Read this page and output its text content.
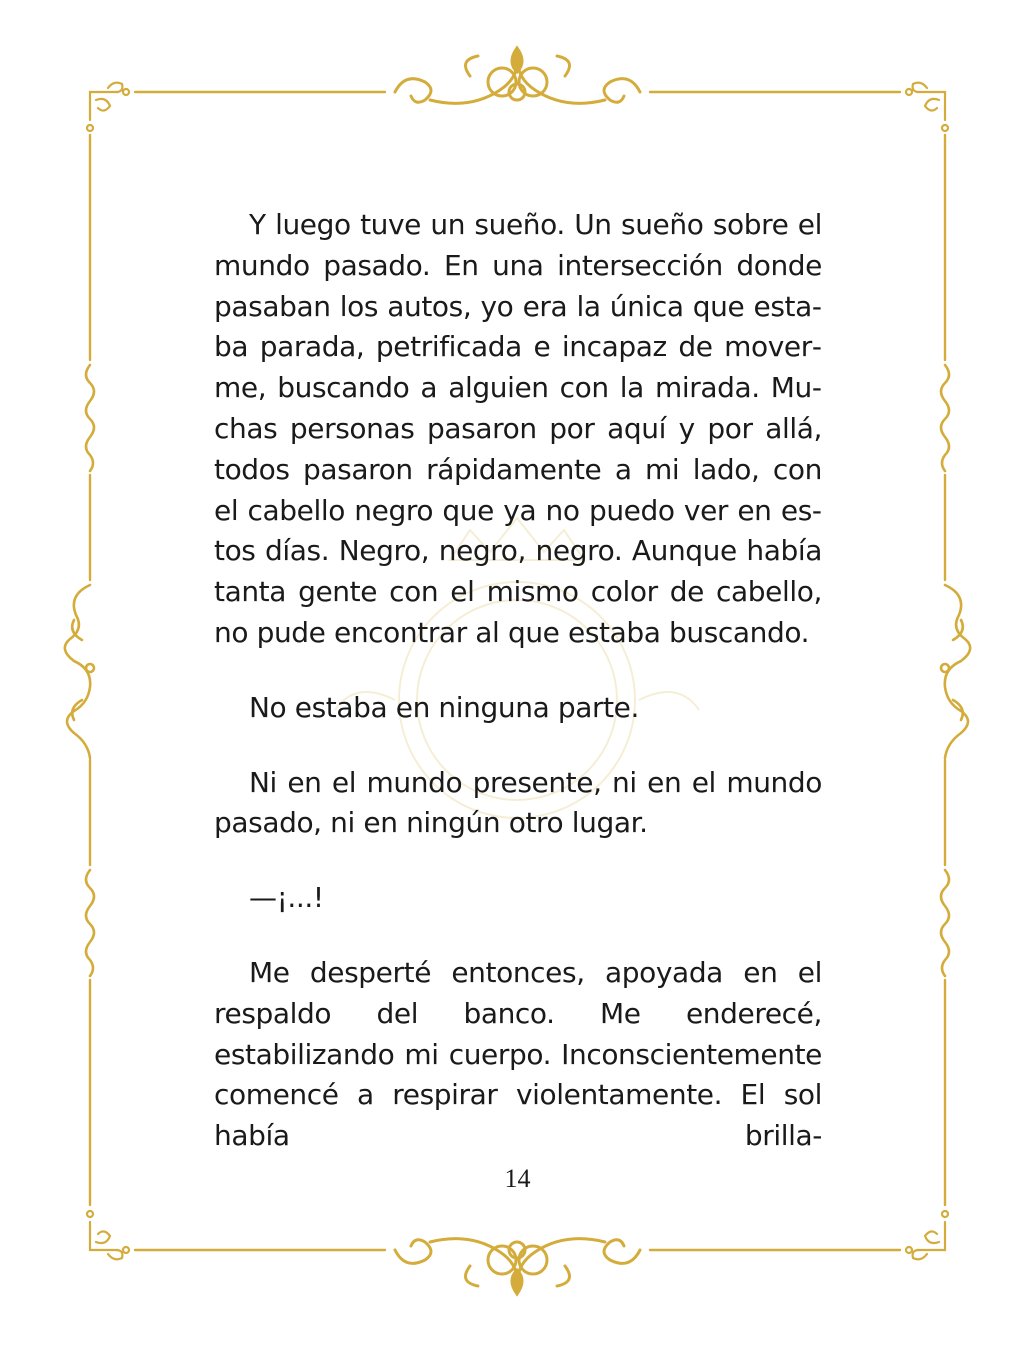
Y luego tuve un sueño. Un sueño sobre el mundo pasado. En una intersección donde pasaban los autos, yo era la única que estaba parada, petrificada e incapaz de moverme, buscando a alguien con la mirada. Muchas personas pasaron por aquí y por allá, todos pasaron rápidamente a mi lado, con el cabello negro que ya no puedo ver en estos días. Negro, negro, negro. Aunque había tanta gente con el mismo color de cabello, no pude encontrar al que estaba buscando.

No estaba en ninguna parte.

Ni en el mundo presente, ni en el mundo pasado, ni en ningún otro lugar.

—¡...!

Me desperté entonces, apoyada en el respaldo del banco. Me enderecé, estabilizando mi cuerpo. Inconscientemente comencé a respirar violentamente. El sol había brilla-

14
